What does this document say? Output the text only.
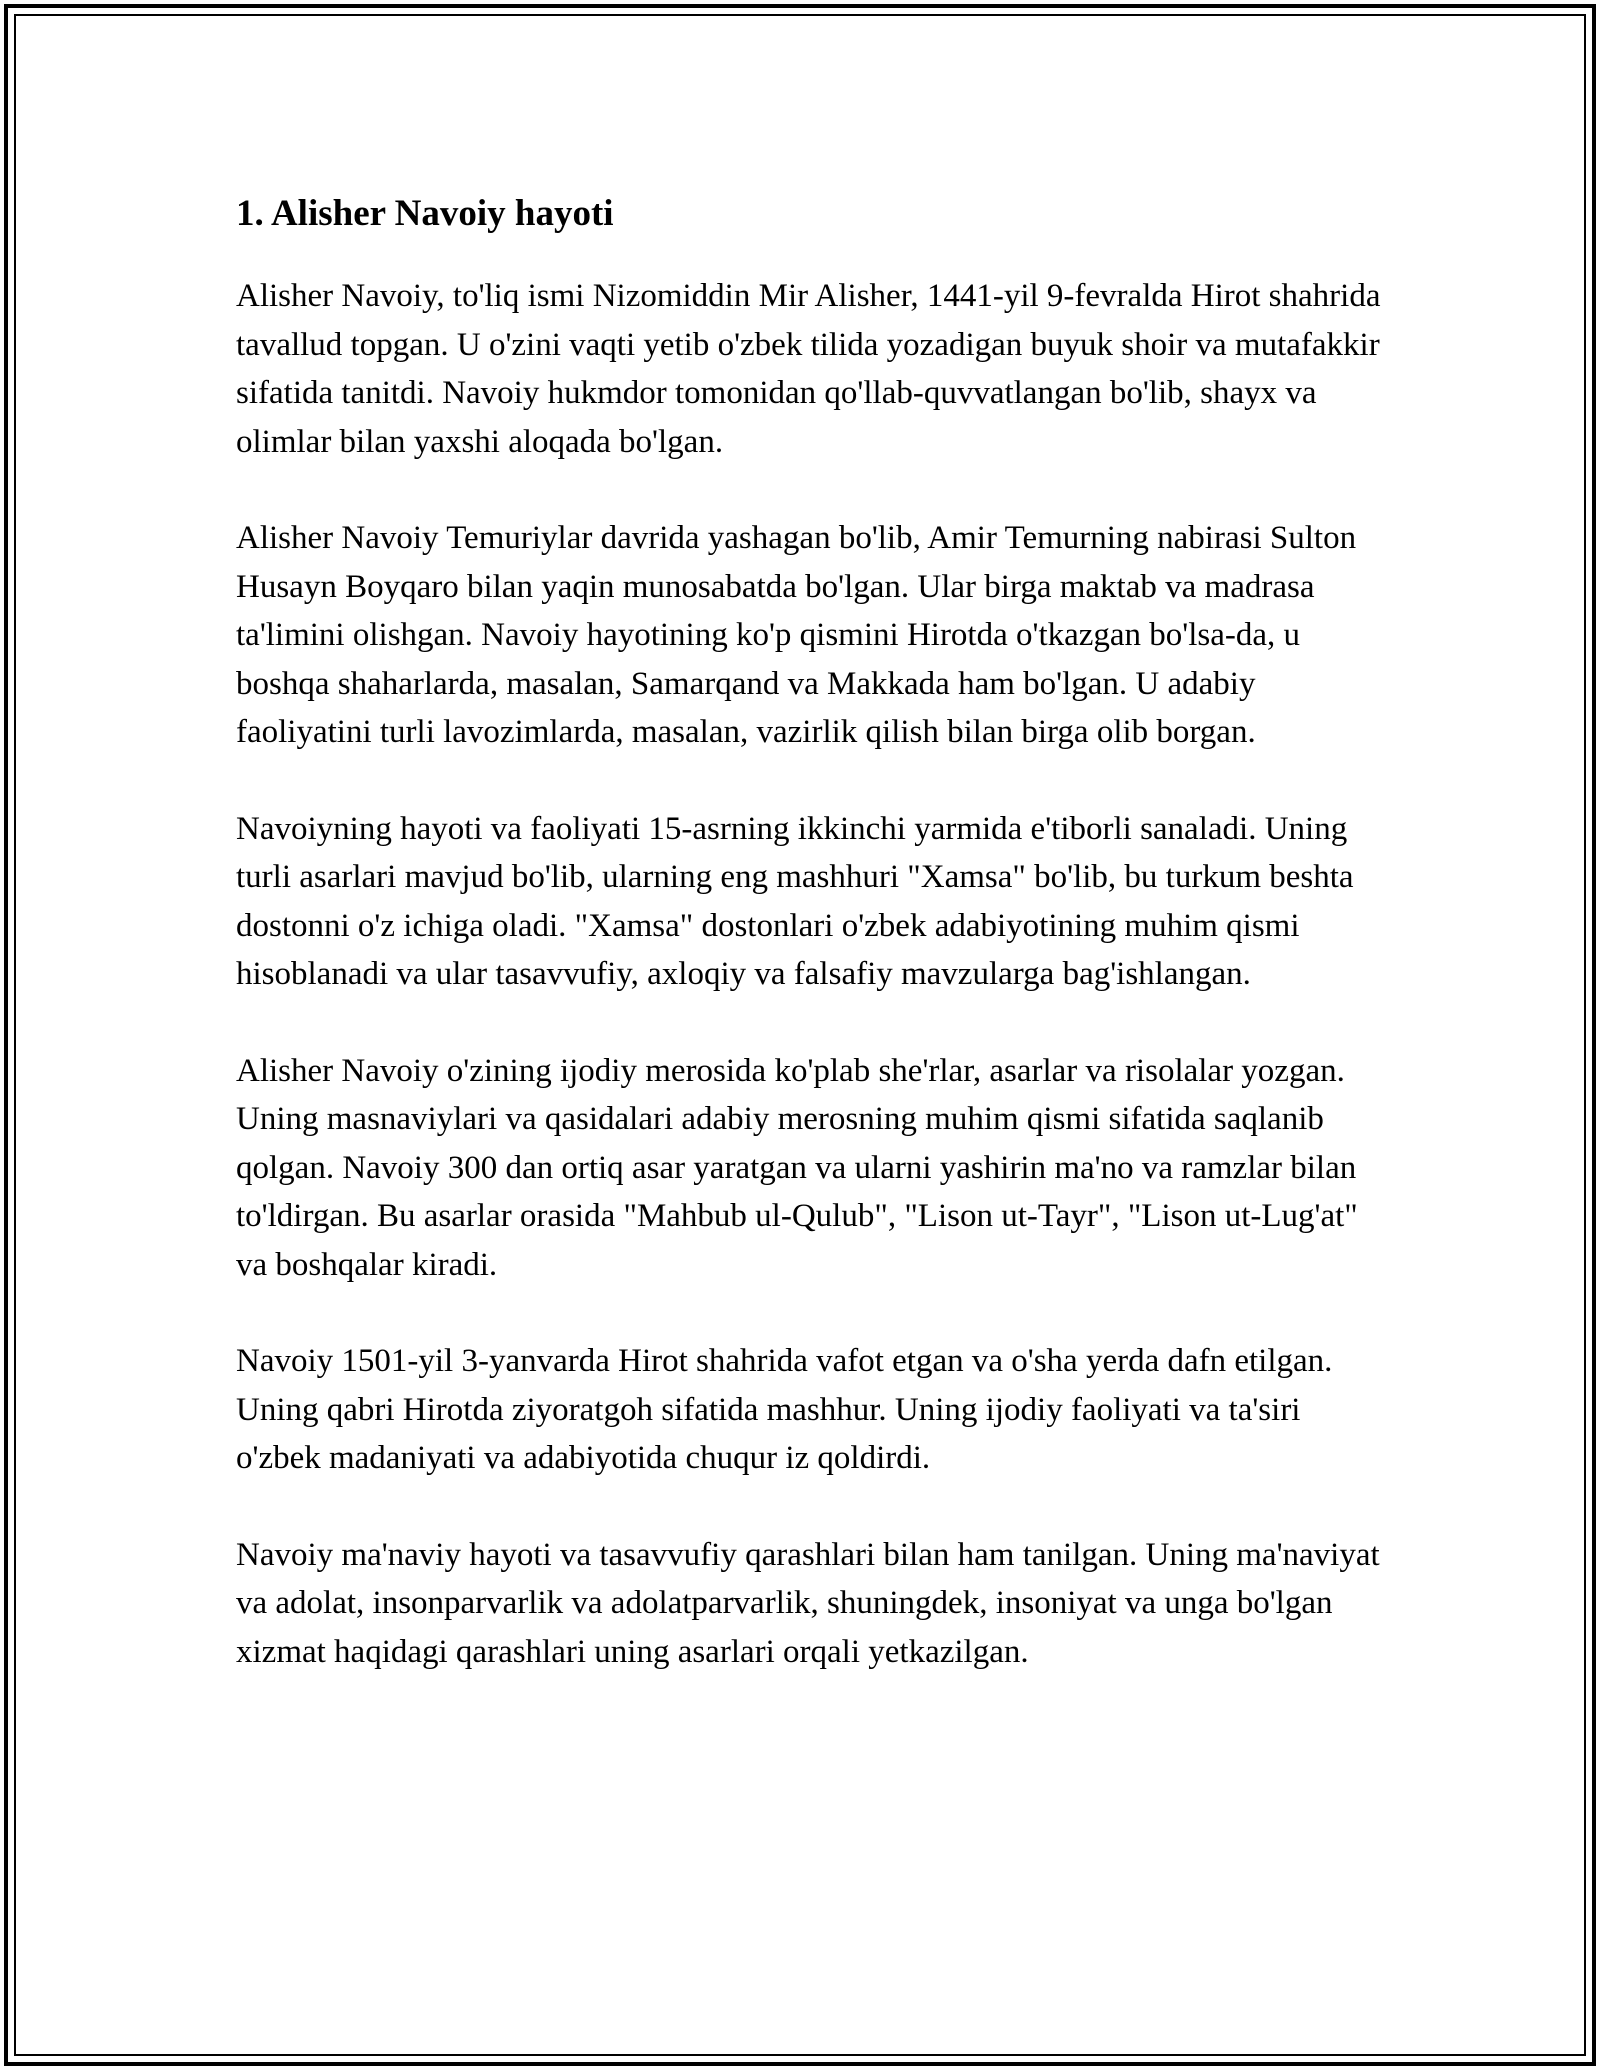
1. Alisher Navoiy hayoti

Alisher Navoiy, to'liq ismi Nizomiddin Mir Alisher, 1441-yil 9-fevralda Hirot shahrida tavallud topgan. U o'zini vaqti yetib o'zbek tilida yozadigan buyuk shoir va mutafakkir sifatida tanitdi. Navoiy hukmdor tomonidan qo'llab-quvvatlangan bo'lib, shayx va olimlar bilan yaxshi aloqada bo'lgan.

Alisher Navoiy Temuriylar davrida yashagan bo'lib, Amir Temurning nabirasi Sulton Husayn Boyqaro bilan yaqin munosabatda bo'lgan. Ular birga maktab va madrasa ta'limini olishgan. Navoiy hayotining ko'p qismini Hirotda o'tkazgan bo'lsa-da, u boshqa shaharlarda, masalan, Samarqand va Makkada ham bo'lgan. U adabiy faoliyatini turli lavozimlarda, masalan, vazirlik qilish bilan birga olib borgan.

Navoiyning hayoti va faoliyati 15-asrning ikkinchi yarmida e'tiborli sanaladi. Uning turli asarlari mavjud bo'lib, ularning eng mashhuri "Xamsa" bo'lib, bu turkum beshta dostonni o'z ichiga oladi. "Xamsa" dostonlari o'zbek adabiyotining muhim qismi hisoblanadi va ular tasavvufiy, axloqiy va falsafiy mavzularga bag'ishlangan.

Alisher Navoiy o'zining ijodiy merosida ko'plab she'rlar, asarlar va risolalar yozgan. Uning masnaviylari va qasidalari adabiy merosning muhim qismi sifatida saqlanib qolgan. Navoiy 300 dan ortiq asar yaratgan va ularni yashirin ma'no va ramzlar bilan to'ldirgan. Bu asarlar orasida "Mahbub ul-Qulub", "Lison ut-Tayr", "Lison ut-Lug'at" va boshqalar kiradi.

Navoiy 1501-yil 3-yanvarda Hirot shahrida vafot etgan va o'sha yerda dafn etilgan. Uning qabri Hirotda ziyoratgoh sifatida mashhur. Uning ijodiy faoliyati va ta'siri o'zbek madaniyati va adabiyotida chuqur iz qoldirdi.

Navoiy ma'naviy hayoti va tasavvufiy qarashlari bilan ham tanilgan. Uning ma'naviyat va adolat, insonparvarlik va adolatparvarlik, shuningdek, insoniyat va unga bo'lgan xizmat haqidagi qarashlari uning asarlari orqali yetkazilgan.
